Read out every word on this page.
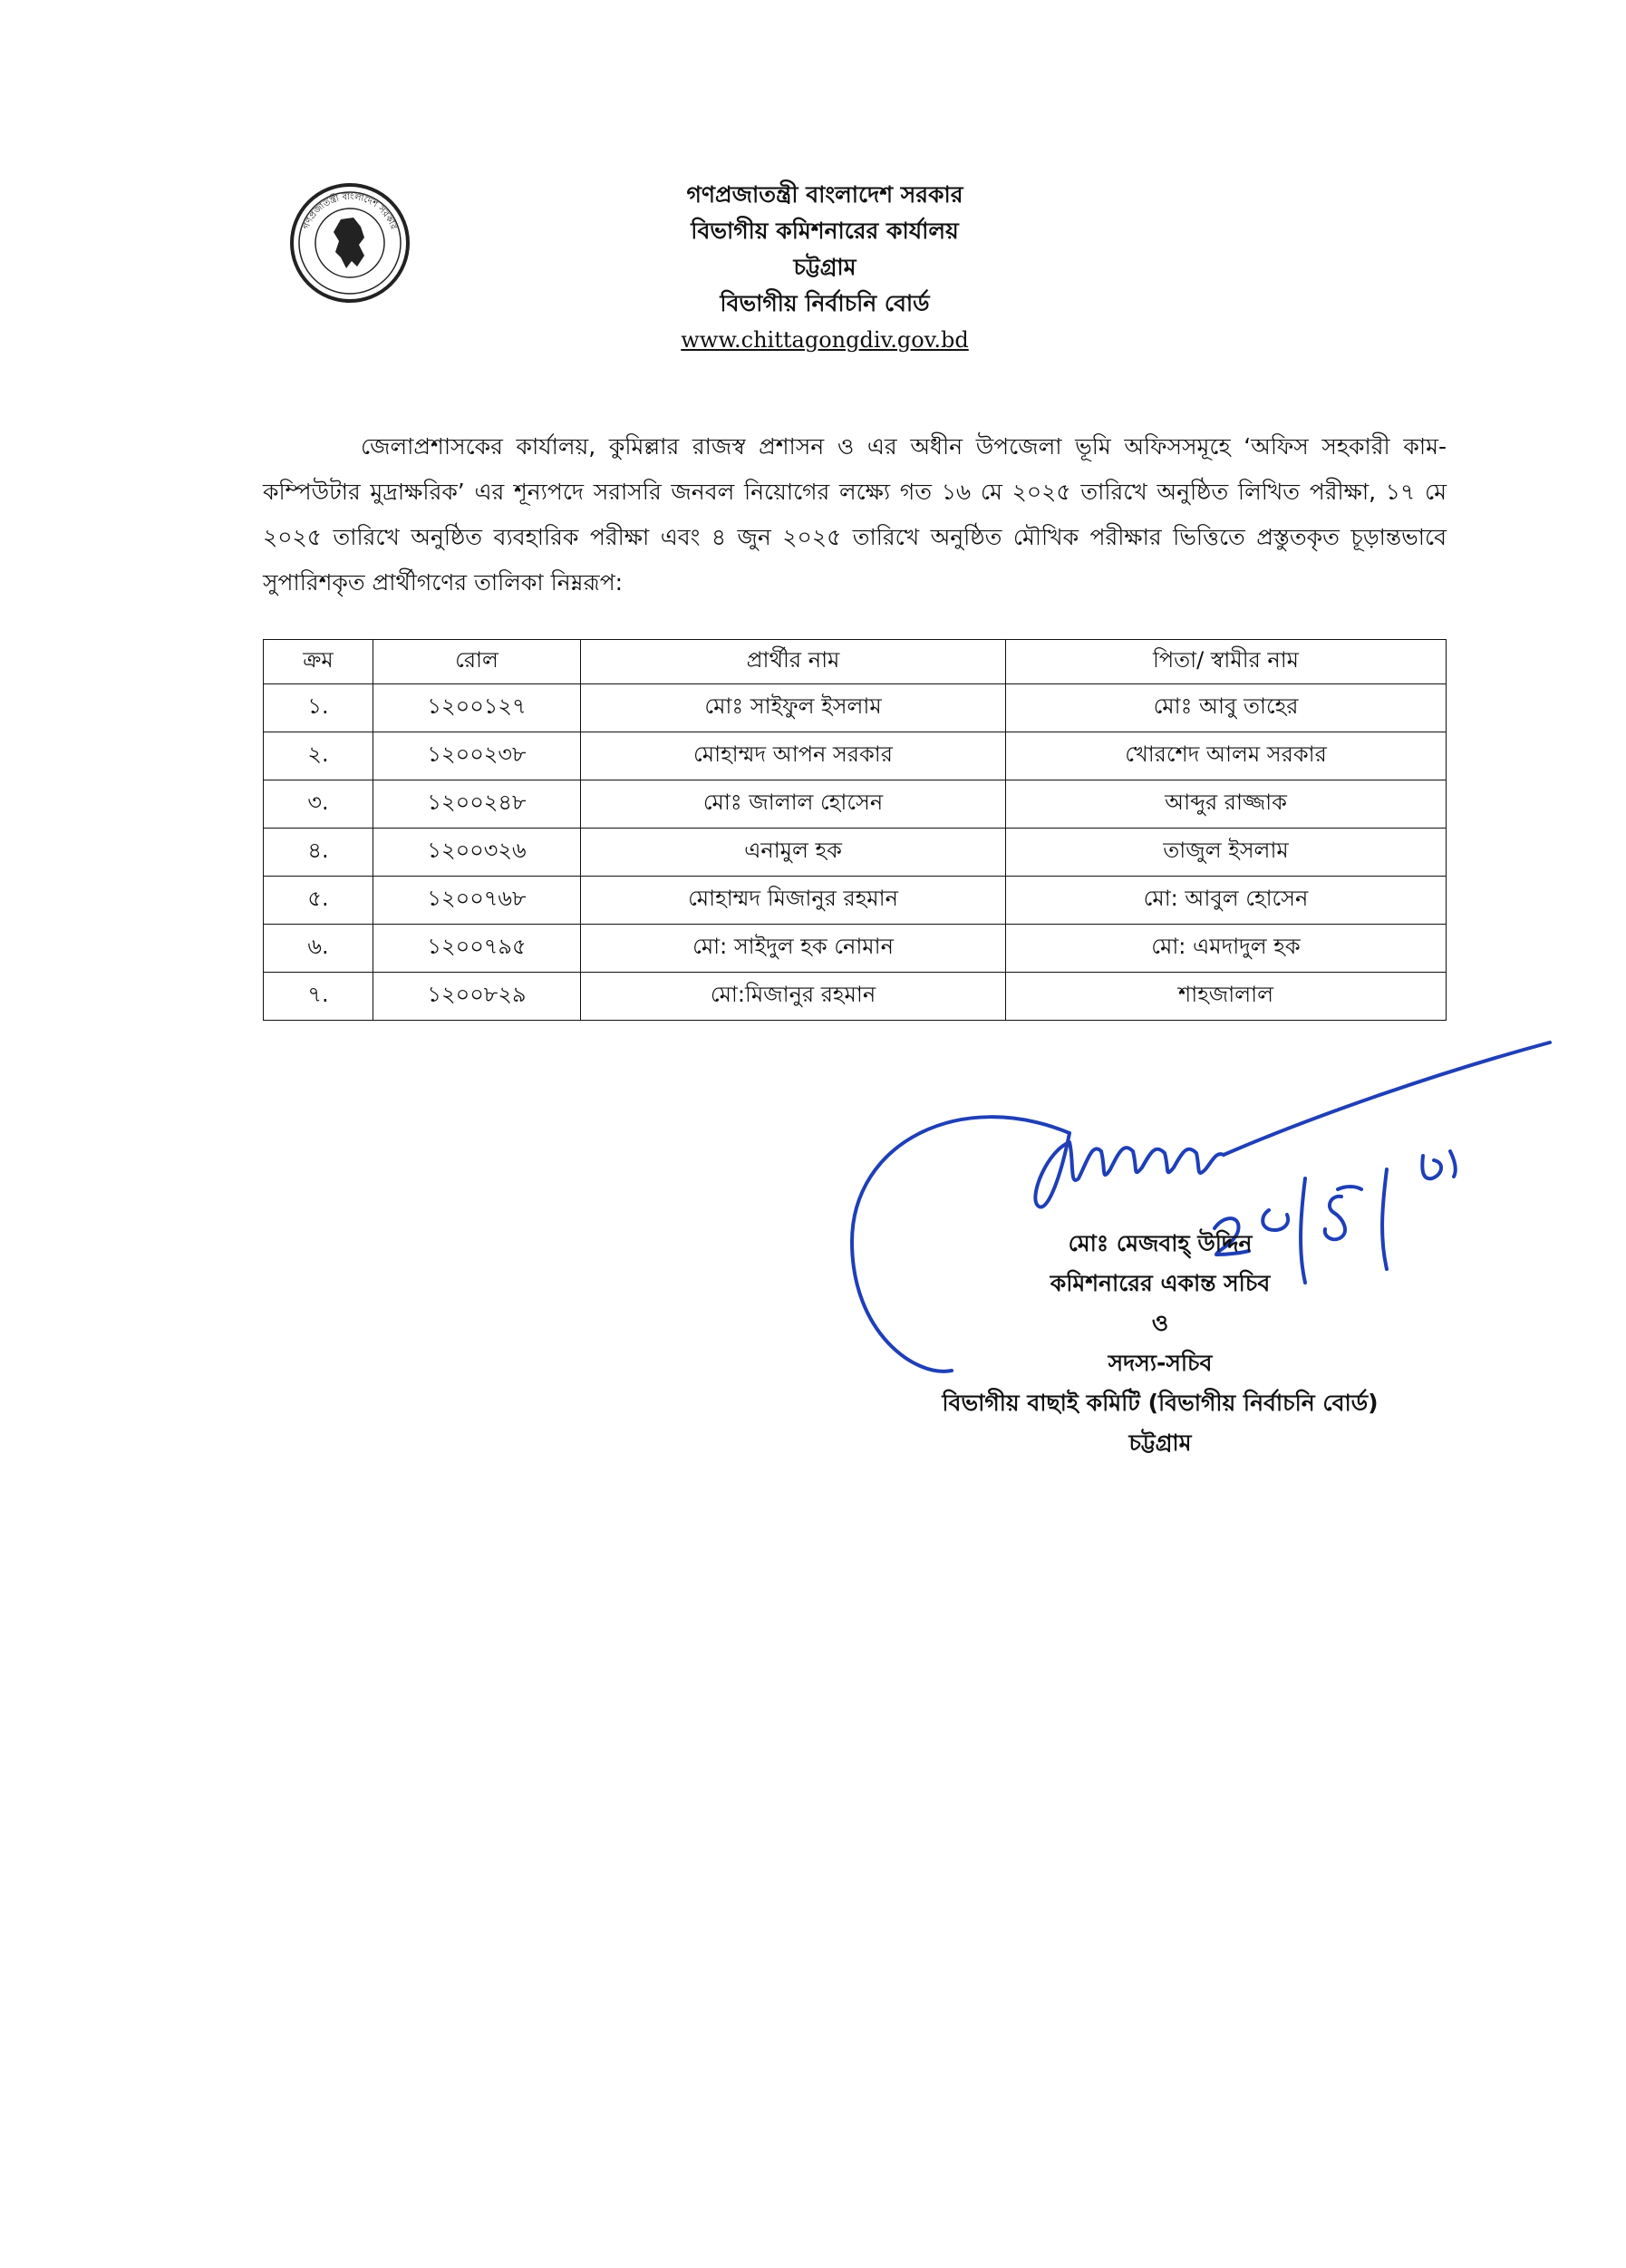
গণপ্রজাতন্ত্রী বাংলাদেশ সরকার
গণপ্রজাতন্ত্রী বাংলাদেশ সরকার
বিভাগীয় কমিশনারের কার্যালয়
চট্টগ্রাম
বিভাগীয় নির্বাচনি বোর্ড
www.chittagongdiv.gov.bd
জেলাপ্রশাসকের কার্যালয়, কুমিল্লার রাজস্ব প্রশাসন ও এর অধীন উপজেলা ভূমি অফিসসমূহে ‘অফিস সহকারী কাম-কম্পিউটার মুদ্রাক্ষরিক’ এর শূন্যপদে সরাসরি জনবল নিয়োগের লক্ষ্যে গত ১৬ মে ২০২৫ তারিখে অনুষ্ঠিত লিখিত পরীক্ষা, ১৭ মে ২০২৫ তারিখে অনুষ্ঠিত ব্যবহারিক পরীক্ষা এবং ৪ জুন ২০২৫ তারিখে অনুষ্ঠিত মৌখিক পরীক্ষার ভিত্তিতে প্রস্তুতকৃত চূড়ান্তভাবে সুপারিশকৃত প্রার্থীগণের তালিকা নিম্নরূপ:
ক্রম	রোল	প্রার্থীর নাম	পিতা/ স্বামীর নাম
১.	১২০০১২৭	মোঃ সাইফুল ইসলাম	মোঃ আবু তাহের
২.	১২০০২৩৮	মোহাম্মদ আপন সরকার	খোরশেদ আলম সরকার
৩.	১২০০২৪৮	মোঃ জালাল হোসেন	আব্দুর রাজ্জাক
৪.	১২০০৩২৬	এনামুল হক	তাজুল ইসলাম
৫.	১২০০৭৬৮	মোহাম্মদ মিজানুর রহমান	মো: আবুল হোসেন
৬.	১২০০৭৯৫	মো: সাইদুল হক নোমান	মো: এমদাদুল হক
৭.	১২০০৮২৯	মো:মিজানুর রহমান	শাহজালাল
মোঃ মেজবাহ্ উদ্দিন
কমিশনারের একান্ত সচিব
ও
সদস্য-সচিব
বিভাগীয় বাছাই কমিটি (বিভাগীয় নির্বাচনি বোর্ড)
চট্টগ্রাম
